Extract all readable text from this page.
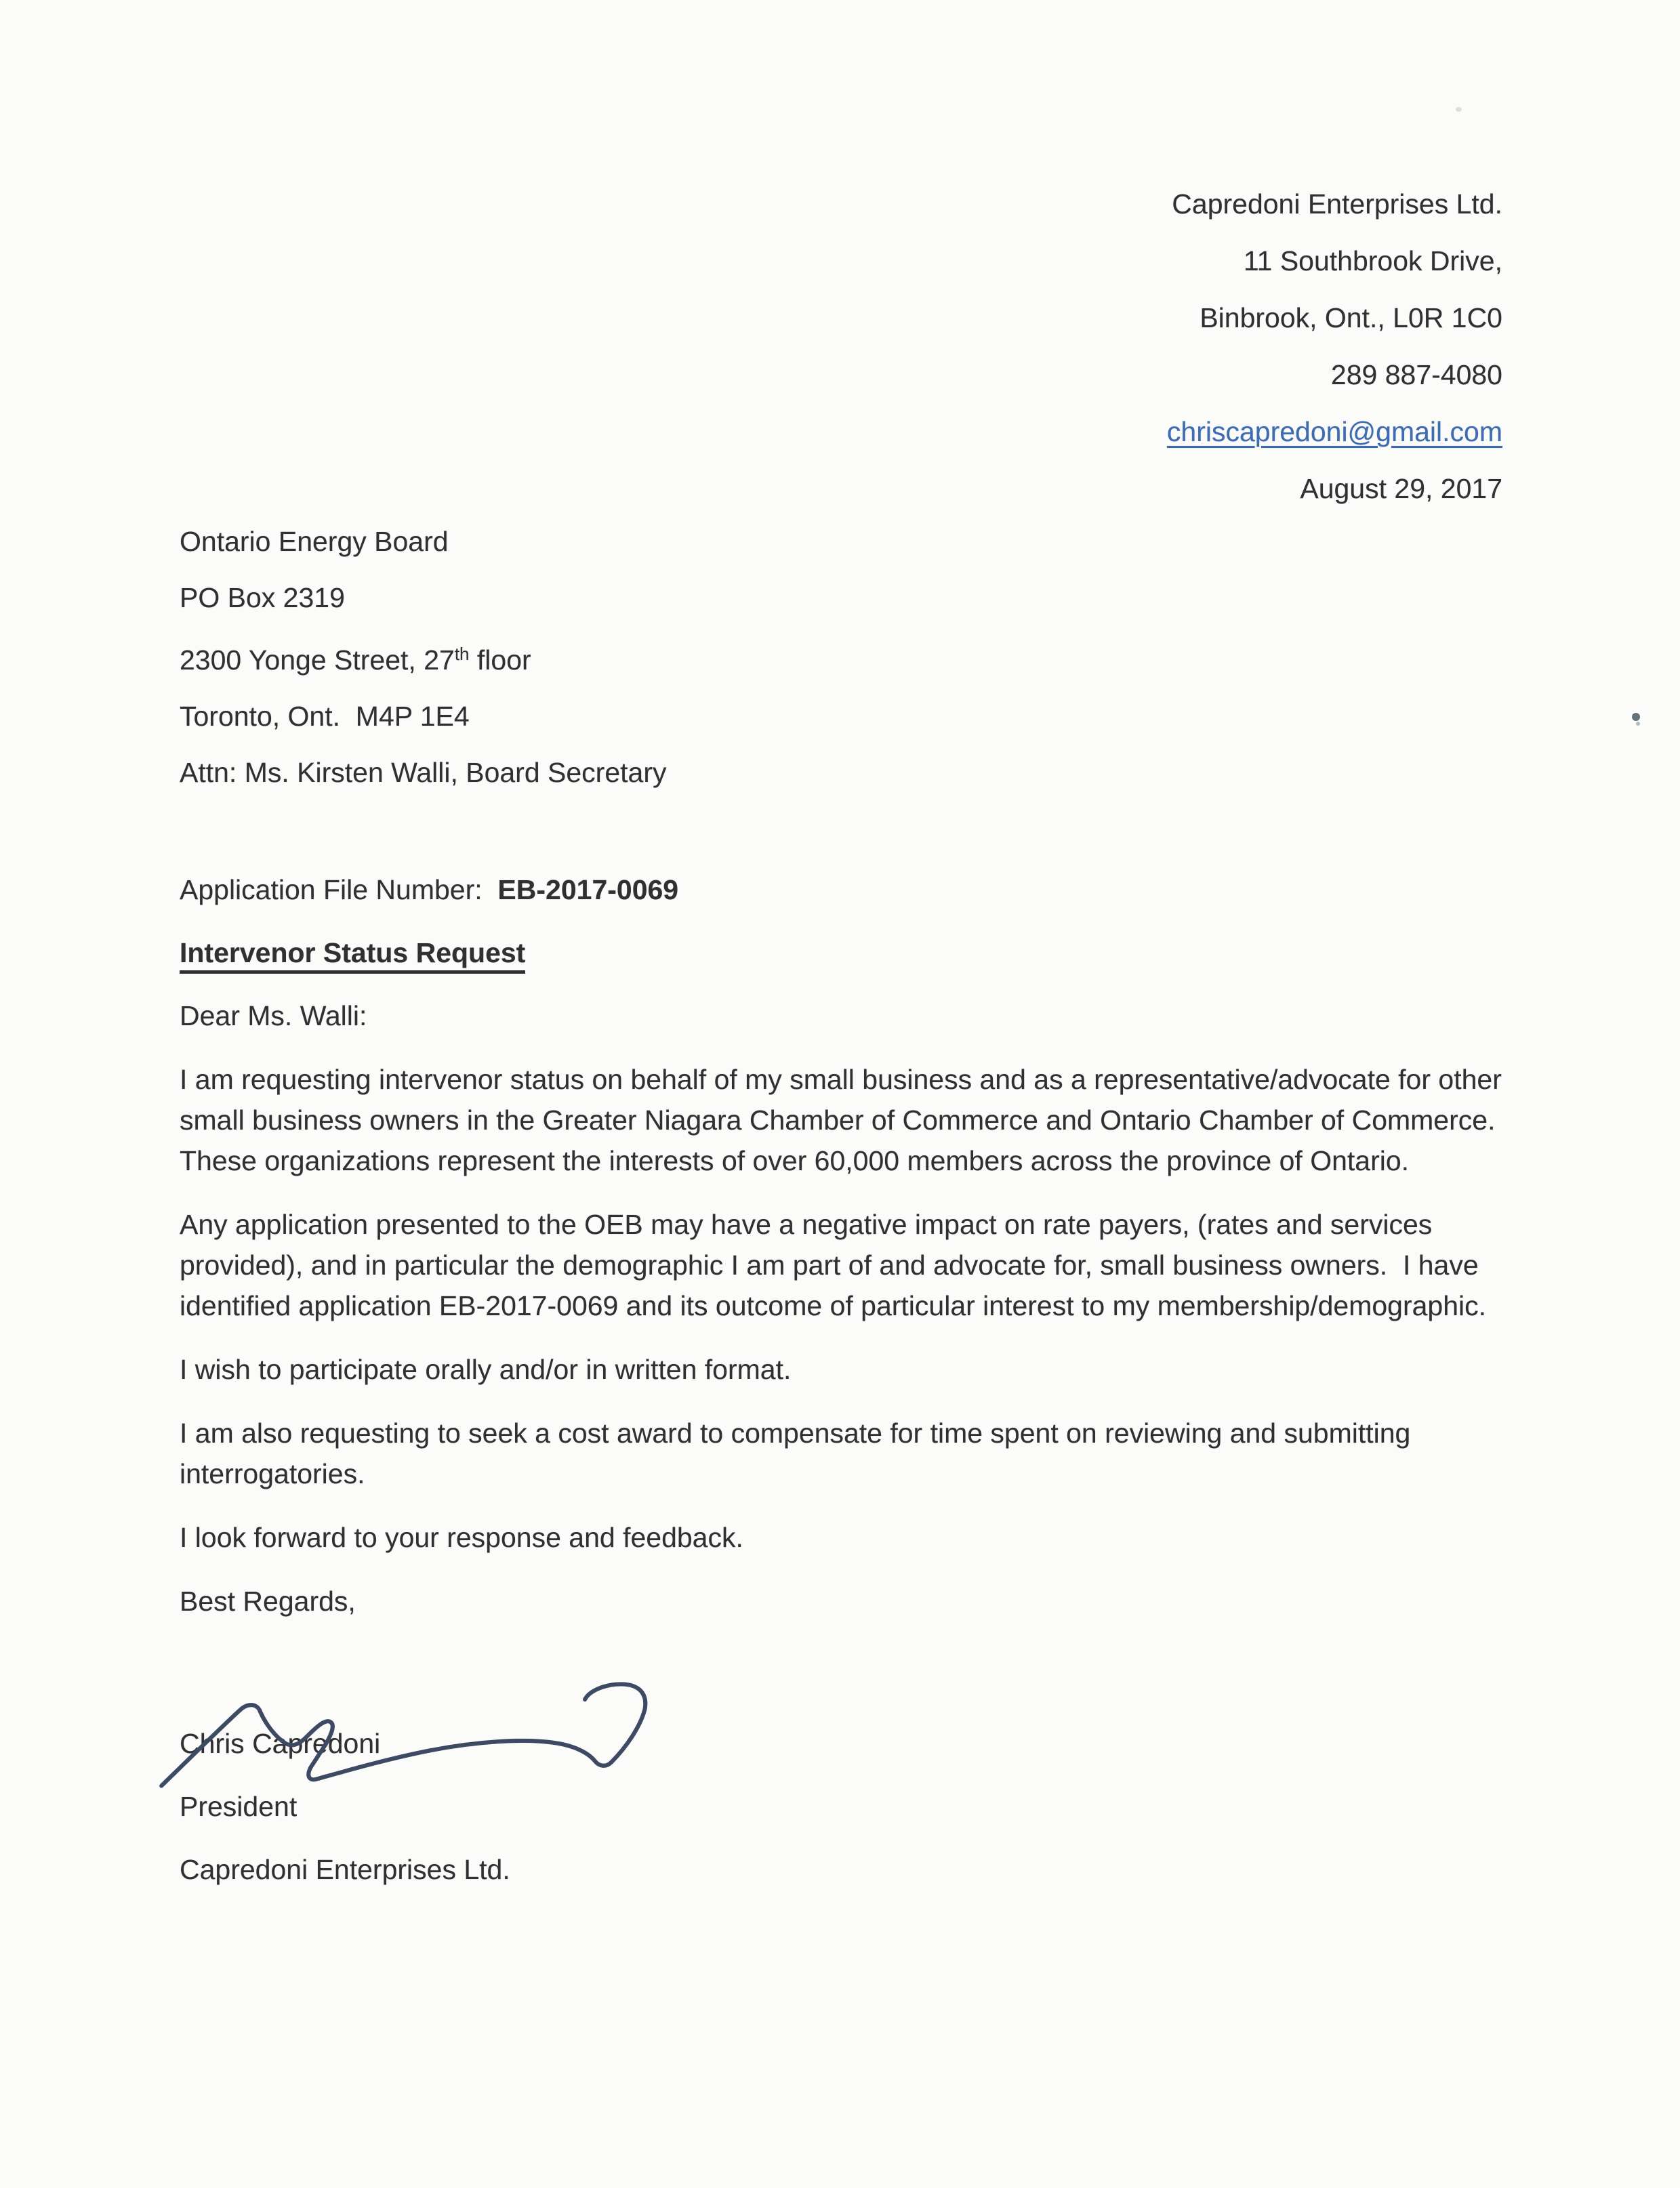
Capredoni Enterprises Ltd.
11 Southbrook Drive,
Binbrook, Ont., L0R 1C0
289 887-4080
chriscapredoni@gmail.com
August 29, 2017
Ontario Energy Board
PO Box 2319
2300 Yonge Street, 27th floor
Toronto, Ont.  M4P 1E4
Attn: Ms. Kirsten Walli, Board Secretary

Application File Number:  EB-2017-0069

Intervenor Status Request

Dear Ms. Walli:

I am requesting intervenor status on behalf of my small business and as a representative/advocate for other small business owners in the Greater Niagara Chamber of Commerce and Ontario Chamber of Commerce.  These organizations represent the interests of over 60,000 members across the province of Ontario.

Any application presented to the OEB may have a negative impact on rate payers, (rates and services provided), and in particular the demographic I am part of and advocate for, small business owners.  I have identified application EB-2017-0069 and its outcome of particular interest to my membership/demographic.

I wish to participate orally and/or in written format.

I am also requesting to seek a cost award to compensate for time spent on reviewing and submitting interrogatories.

I look forward to your response and feedback.

Best Regards,

Chris Capredoni
President
Capredoni Enterprises Ltd.
